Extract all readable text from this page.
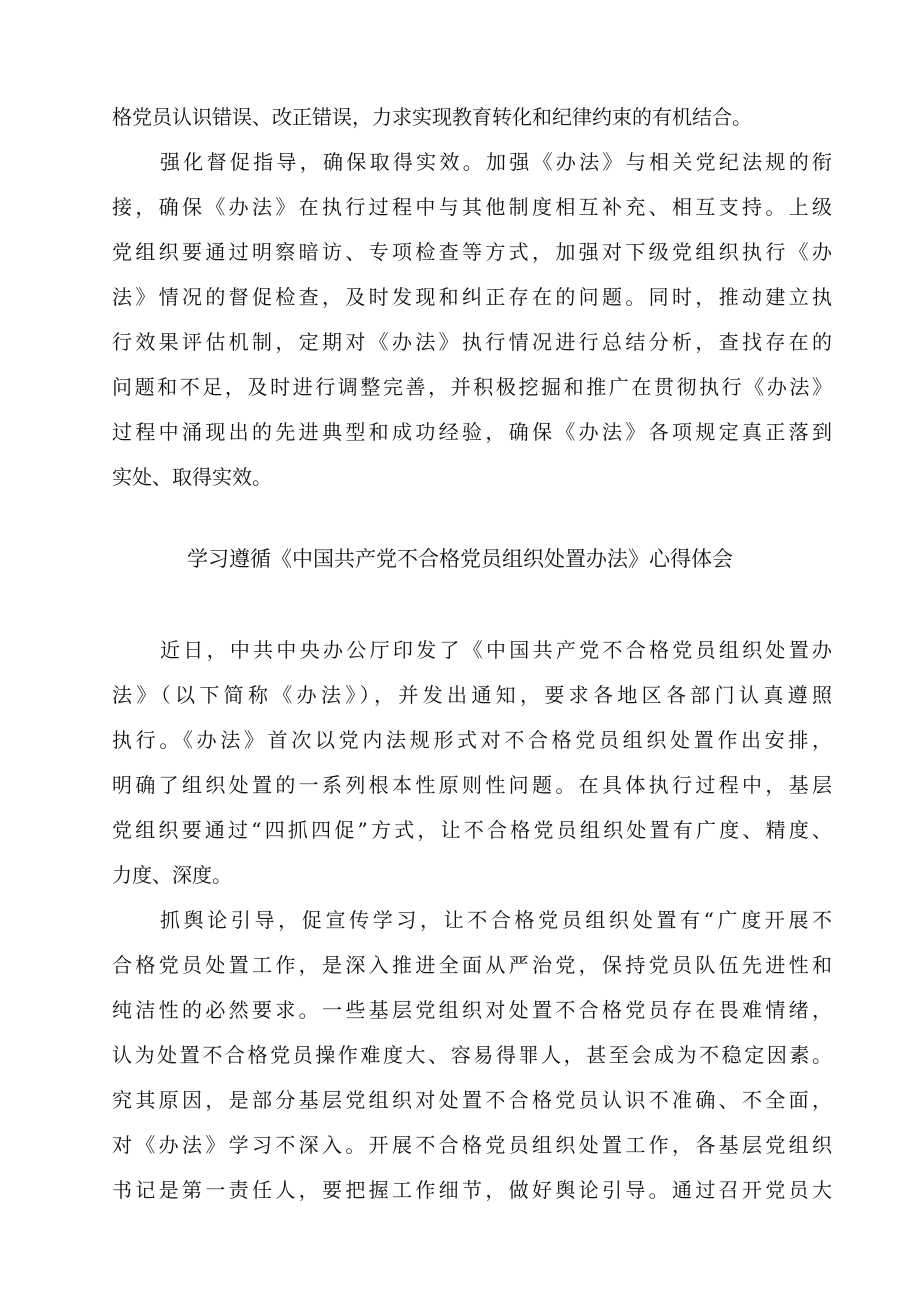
格党员认识错误、改正错误，力求实现教育转化和纪律约束的有机结合。
强化督促指导，确保取得实效。加强《办法》与相关党纪法规的衔
接，确保《办法》在执行过程中与其他制度相互补充、相互支持。上级
党组织要通过明察暗访、专项检查等方式，加强对下级党组织执行《办
法》情况的督促检查，及时发现和纠正存在的问题。同时，推动建立执
行效果评估机制，定期对《办法》执行情况进行总结分析，查找存在的
问题和不足，及时进行调整完善，并积极挖掘和推广在贯彻执行《办法》
过程中涌现出的先进典型和成功经验，确保《办法》各项规定真正落到
实处、取得实效。
学习遵循《中国共产党不合格党员组织处置办法》心得体会
近日，中共中央办公厅印发了《中国共产党不合格党员组织处置办
法》（以下简称《办法》），并发出通知，要求各地区各部门认真遵照
执行。《办法》首次以党内法规形式对不合格党员组织处置作出安排，
明确了组织处置的一系列根本性原则性问题。在具体执行过程中，基层
党组织要通过“四抓四促”方式，让不合格党员组织处置有广度、精度、
力度、深度。
抓舆论引导，促宣传学习，让不合格党员组织处置有“广度开展不
合格党员处置工作，是深入推进全面从严治党，保持党员队伍先进性和
纯洁性的必然要求。一些基层党组织对处置不合格党员存在畏难情绪，
认为处置不合格党员操作难度大、容易得罪人，甚至会成为不稳定因素。
究其原因，是部分基层党组织对处置不合格党员认识不准确、不全面，
对《办法》学习不深入。开展不合格党员组织处置工作，各基层党组织
书记是第一责任人，要把握工作细节，做好舆论引导。通过召开党员大
